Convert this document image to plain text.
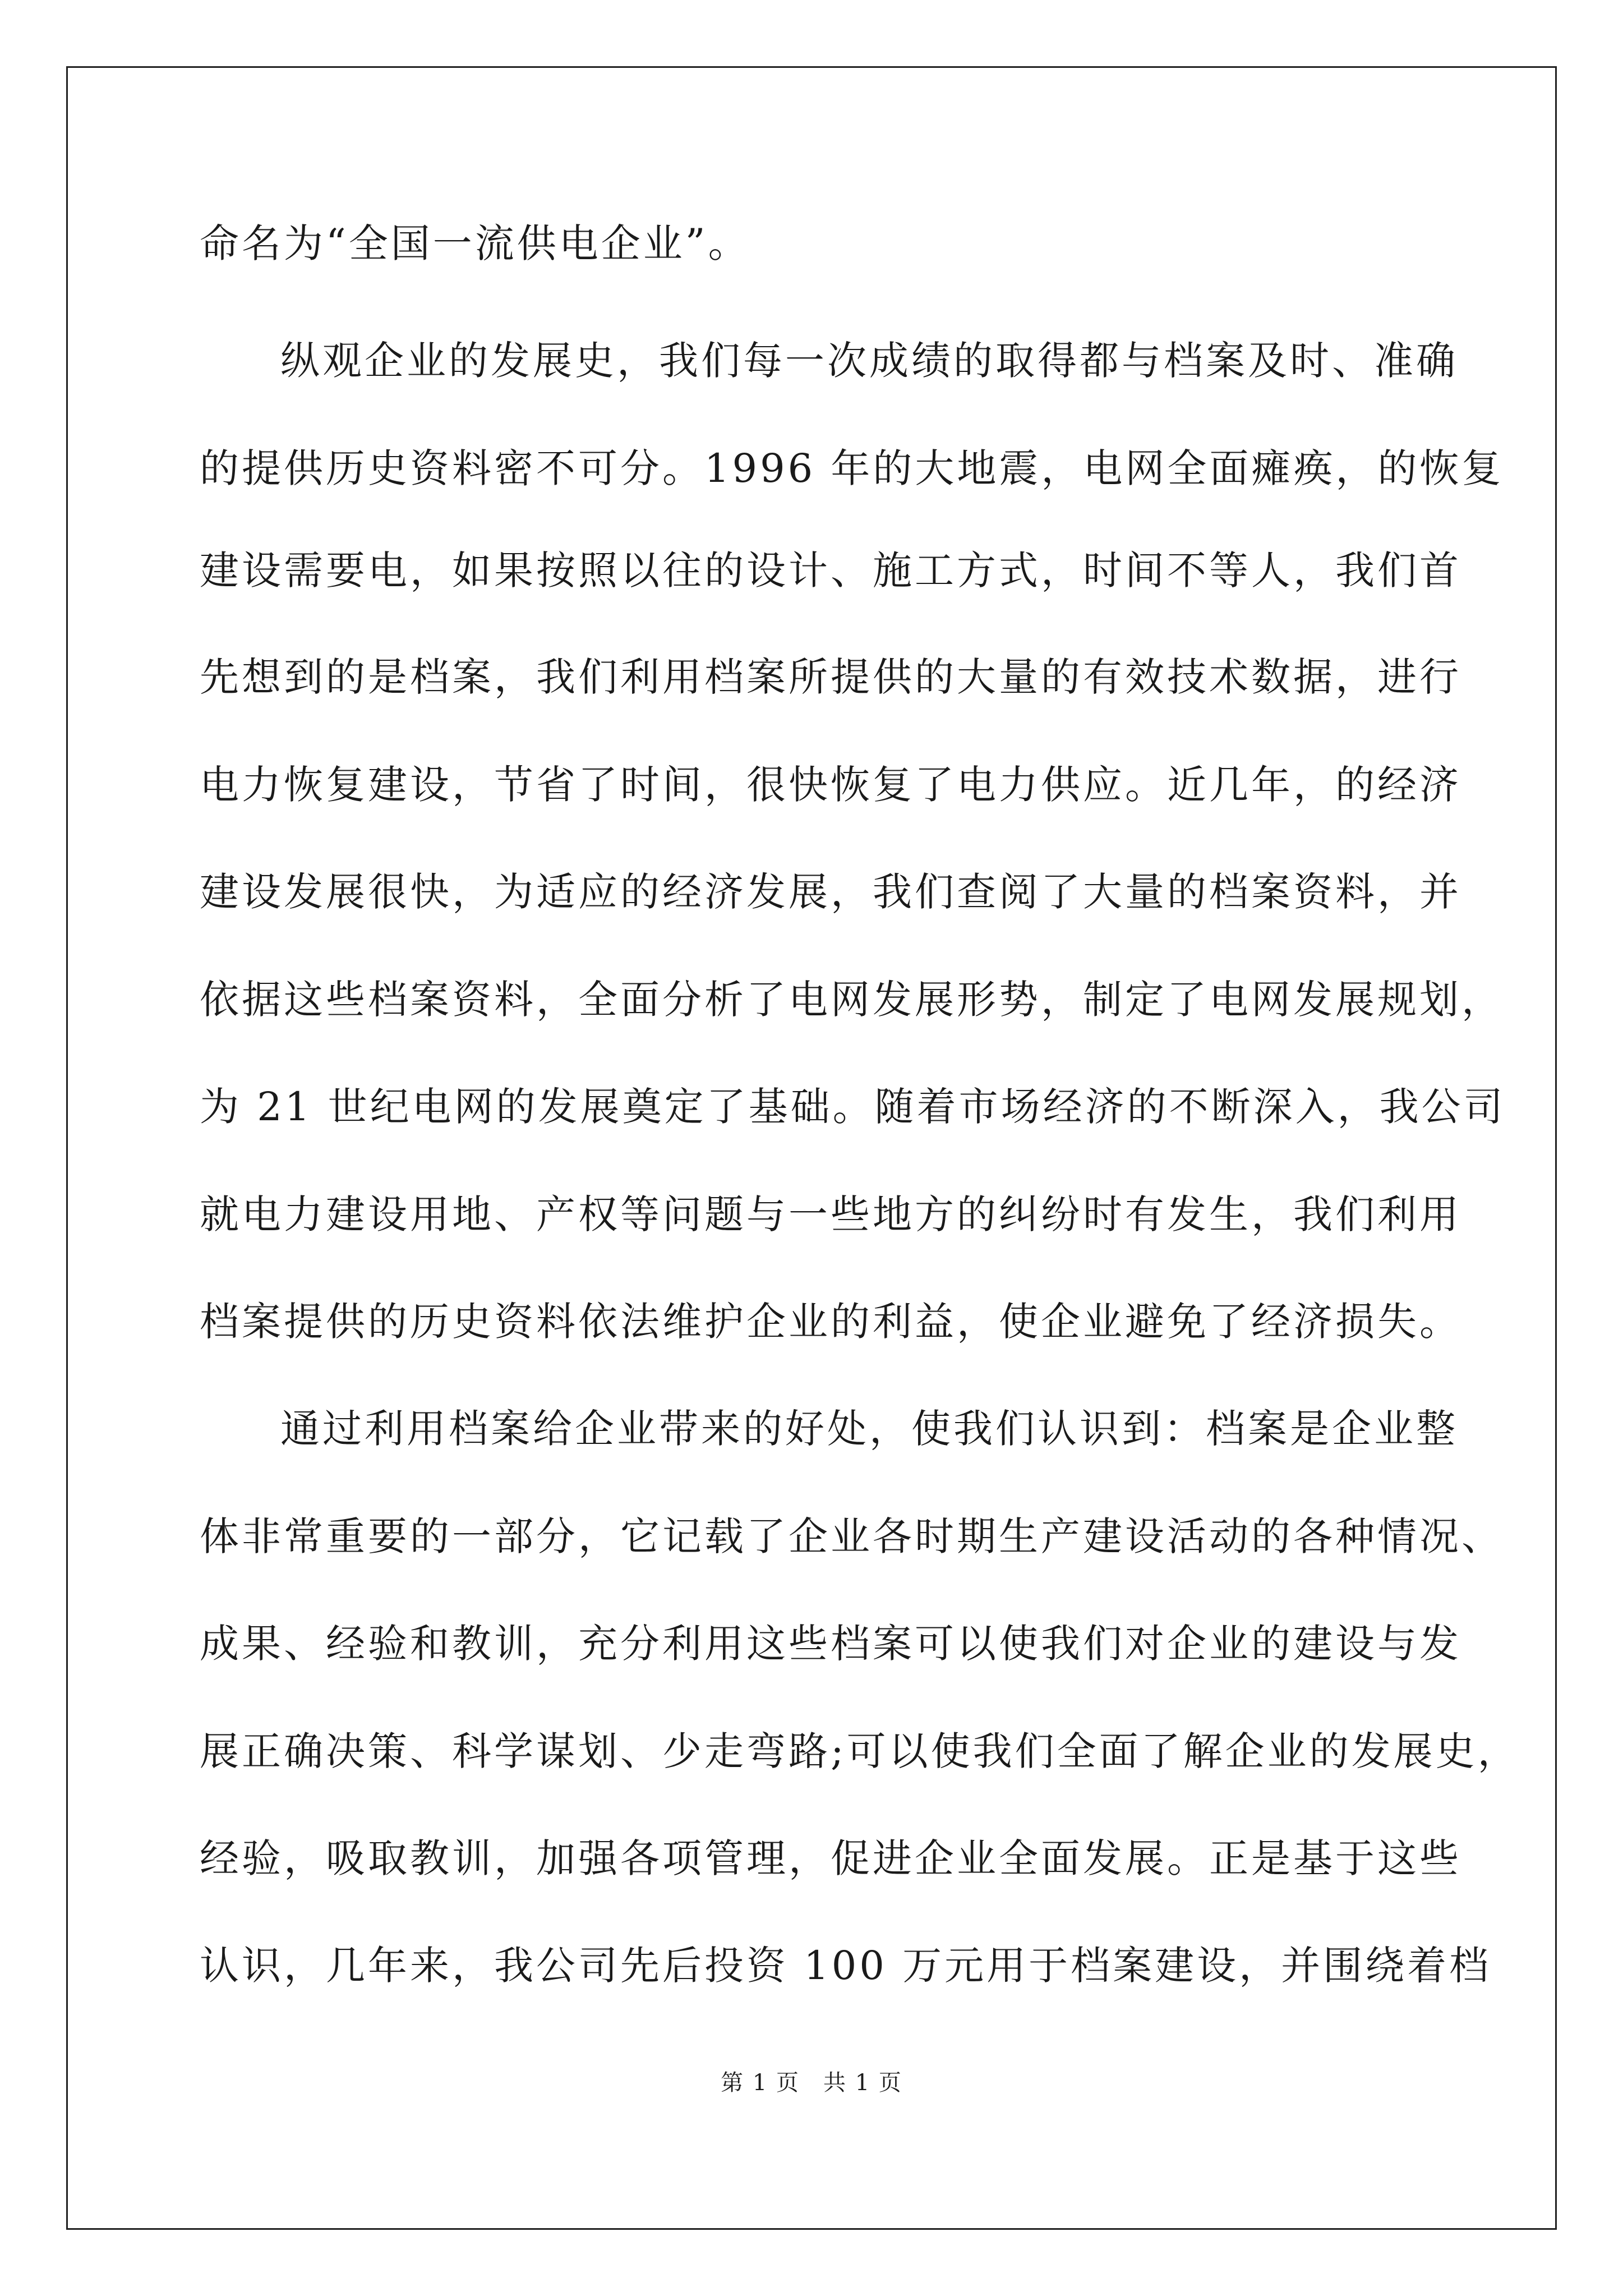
命名为“全国一流供电企业”。
纵观企业的发展史，我们每一次成绩的取得都与档案及时、准确
的提供历史资料密不可分。1996 年的大地震，电网全面瘫痪，的恢复
建设需要电，如果按照以往的设计、施工方式，时间不等人，我们首
先想到的是档案，我们利用档案所提供的大量的有效技术数据，进行
电力恢复建设，节省了时间，很快恢复了电力供应。近几年，的经济
建设发展很快，为适应的经济发展，我们查阅了大量的档案资料，并
依据这些档案资料，全面分析了电网发展形势，制定了电网发展规划，
为 21 世纪电网的发展奠定了基础。随着市场经济的不断深入，我公司
就电力建设用地、产权等问题与一些地方的纠纷时有发生，我们利用
档案提供的历史资料依法维护企业的利益，使企业避免了经济损失。
通过利用档案给企业带来的好处，使我们认识到：档案是企业整
体非常重要的一部分，它记载了企业各时期生产建设活动的各种情况、
成果、经验和教训，充分利用这些档案可以使我们对企业的建设与发
展正确决策、科学谋划、少走弯路;可以使我们全面了解企业的发展史，
经验，吸取教训，加强各项管理，促进企业全面发展。正是基于这些
认识，几年来，我公司先后投资 100 万元用于档案建设，并围绕着档
第 1 页　共 1 页
